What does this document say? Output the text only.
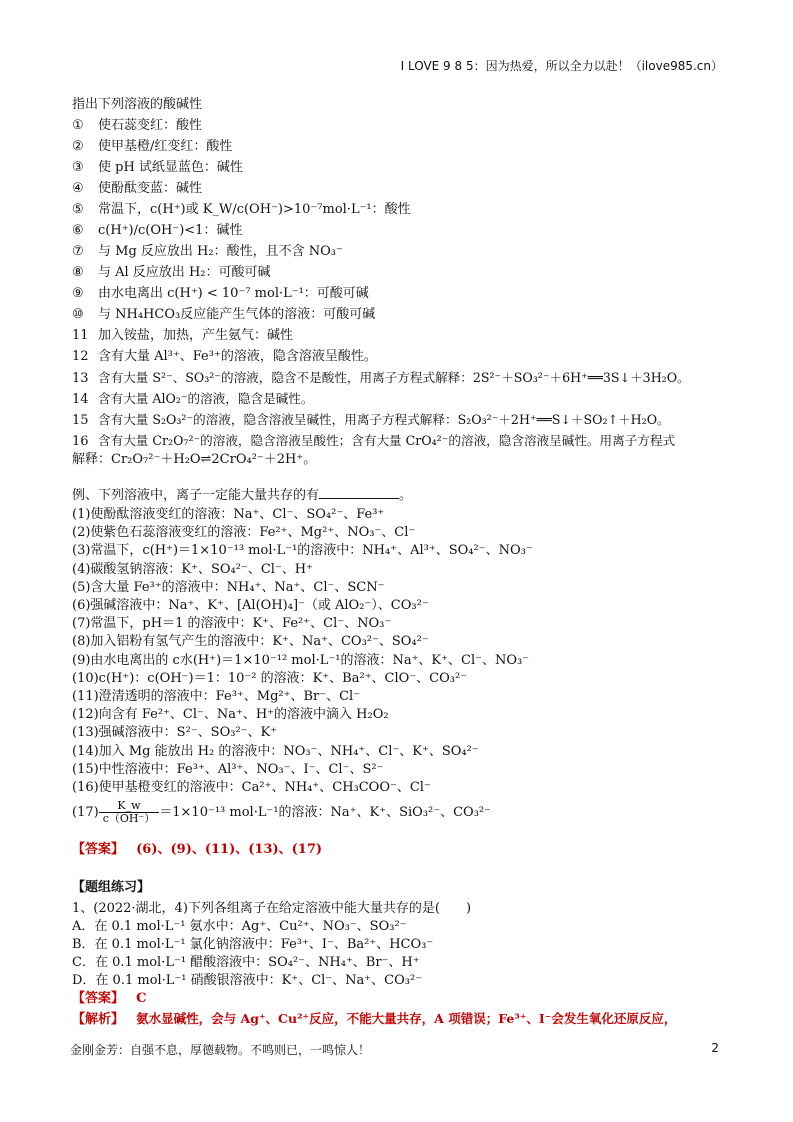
I LOVE 9 8 5：因为热爱，所以全力以赴！（ilove985.cn）
指出下列溶液的酸碱性
① 使石蕊变红：酸性
② 使甲基橙/红变红：酸性
③ 使 pH 试纸显蓝色：碱性
④ 使酚酞变蓝：碱性
⑤ 常温下，c(H⁺)或 K_W/c(OH⁻)>10⁻⁷mol·L⁻¹：酸性
⑥ c(H⁺)/c(OH⁻)<1：碱性
⑦ 与 Mg 反应放出 H₂：酸性，且不含 NO₃⁻
⑧ 与 Al 反应放出 H₂：可酸可碱
⑨ 由水电离出 c(H⁺) < 10⁻⁷ mol·L⁻¹：可酸可碱
⑩ 与 NH₄HCO₃反应能产生气体的溶液：可酸可碱
11 加入铵盐，加热，产生氨气：碱性
12 含有大量 Al³⁺、Fe³⁺的溶液，隐含溶液呈酸性。
13 含有大量 S²⁻、SO₃²⁻的溶液，隐含不是酸性，用离子方程式解释：2S²⁻＋SO₃²⁻＋6H⁺══3S↓＋3H₂O。
14 含有大量 AlO₂⁻的溶液，隐含是碱性。
15 含有大量 S₂O₃²⁻的溶液，隐含溶液呈碱性，用离子方程式解释：S₂O₃²⁻＋2H⁺══S↓＋SO₂↑＋H₂O。
16 含有大量 Cr₂O₇²⁻的溶液，隐含溶液呈酸性；含有大量 CrO₄²⁻的溶液，隐含溶液呈碱性。用离子方程式
解释：Cr₂O₇²⁻＋H₂O⇌2CrO₄²⁻＋2H⁺。
例、下列溶液中，离子一定能大量共存的有	。
(1)使酚酞溶液变红的溶液：Na⁺、Cl⁻、SO₄²⁻、Fe³⁺
(2)使紫色石蕊溶液变红的溶液：Fe²⁺、Mg²⁺、NO₃⁻、Cl⁻
(3)常温下，c(H⁺)＝1×10⁻¹³ mol·L⁻¹的溶液中：NH₄⁺、Al³⁺、SO₄²⁻、NO₃⁻
(4)碳酸氢钠溶液：K⁺、SO₄²⁻、Cl⁻、H⁺
(5)含大量 Fe³⁺的溶液中：NH₄⁺、Na⁺、Cl⁻、SCN⁻
(6)强碱溶液中：Na⁺、K⁺、[Al(OH)₄]⁻（或 AlO₂⁻）、CO₃²⁻
(7)常温下，pH＝1 的溶液中：K⁺、Fe²⁺、Cl⁻、NO₃⁻
(8)加入铝粉有氢气产生的溶液中：K⁺、Na⁺、CO₃²⁻、SO₄²⁻
(9)由水电离出的 c水(H⁺)＝1×10⁻¹² mol·L⁻¹的溶液：Na⁺、K⁺、Cl⁻、NO₃⁻
(10)c(H⁺)：c(OH⁻)＝1：10⁻² 的溶液：K⁺、Ba²⁺、ClO⁻、CO₃²⁻
(11)澄清透明的溶液中：Fe³⁺、Mg²⁺、Br⁻、Cl⁻
(12)向含有 Fe²⁺、Cl⁻、Na⁺、H⁺的溶液中滴入 H₂O₂
(13)强碱溶液中：S²⁻、SO₃²⁻、K⁺
(14)加入 Mg 能放出 H₂ 的溶液中：NO₃⁻、NH₄⁺、Cl⁻、K⁺、SO₄²⁻
(15)中性溶液中：Fe³⁺、Al³⁺、NO₃⁻、I⁻、Cl⁻、S²⁻
(16)使甲基橙变红的溶液中：Ca²⁺、NH₄⁺、CH₃COO⁻、Cl⁻
$(17) \frac{K\_w}{c(OH^-)} =1\times 10^{-13}$ mol·L⁻¹的溶液：Na⁺、K⁺、SiO₃²⁻、CO₃²⁻
【答案】 (6)、(9)、(11)、(13)、(17)
【题组练习】
1、(2022·湖北，4)下列各组离子在给定溶液中能大量共存的是(　　)
A．在 0.1 mol·L⁻¹ 氨水中：Ag⁺、Cu²⁺、NO₃⁻、SO₃²⁻
B．在 0.1 mol·L⁻¹ 氯化钠溶液中：Fe³⁺、I⁻、Ba²⁺、HCO₃⁻
C．在 0.1 mol·L⁻¹ 醋酸溶液中：SO₄²⁻、NH₄⁺、Br⁻、H⁺
D．在 0.1 mol·L⁻¹ 硝酸银溶液中：K⁺、Cl⁻、Na⁺、CO₃²⁻
【答案】 C
【解析】 氨水显碱性，会与 Ag⁺、Cu²⁺反应，不能大量共存，A 项错误；Fe³⁺、I⁻会发生氧化还原反应，
金刚金芳：自强不息，厚德载物。不鸣则已，一鸣惊人！	2
